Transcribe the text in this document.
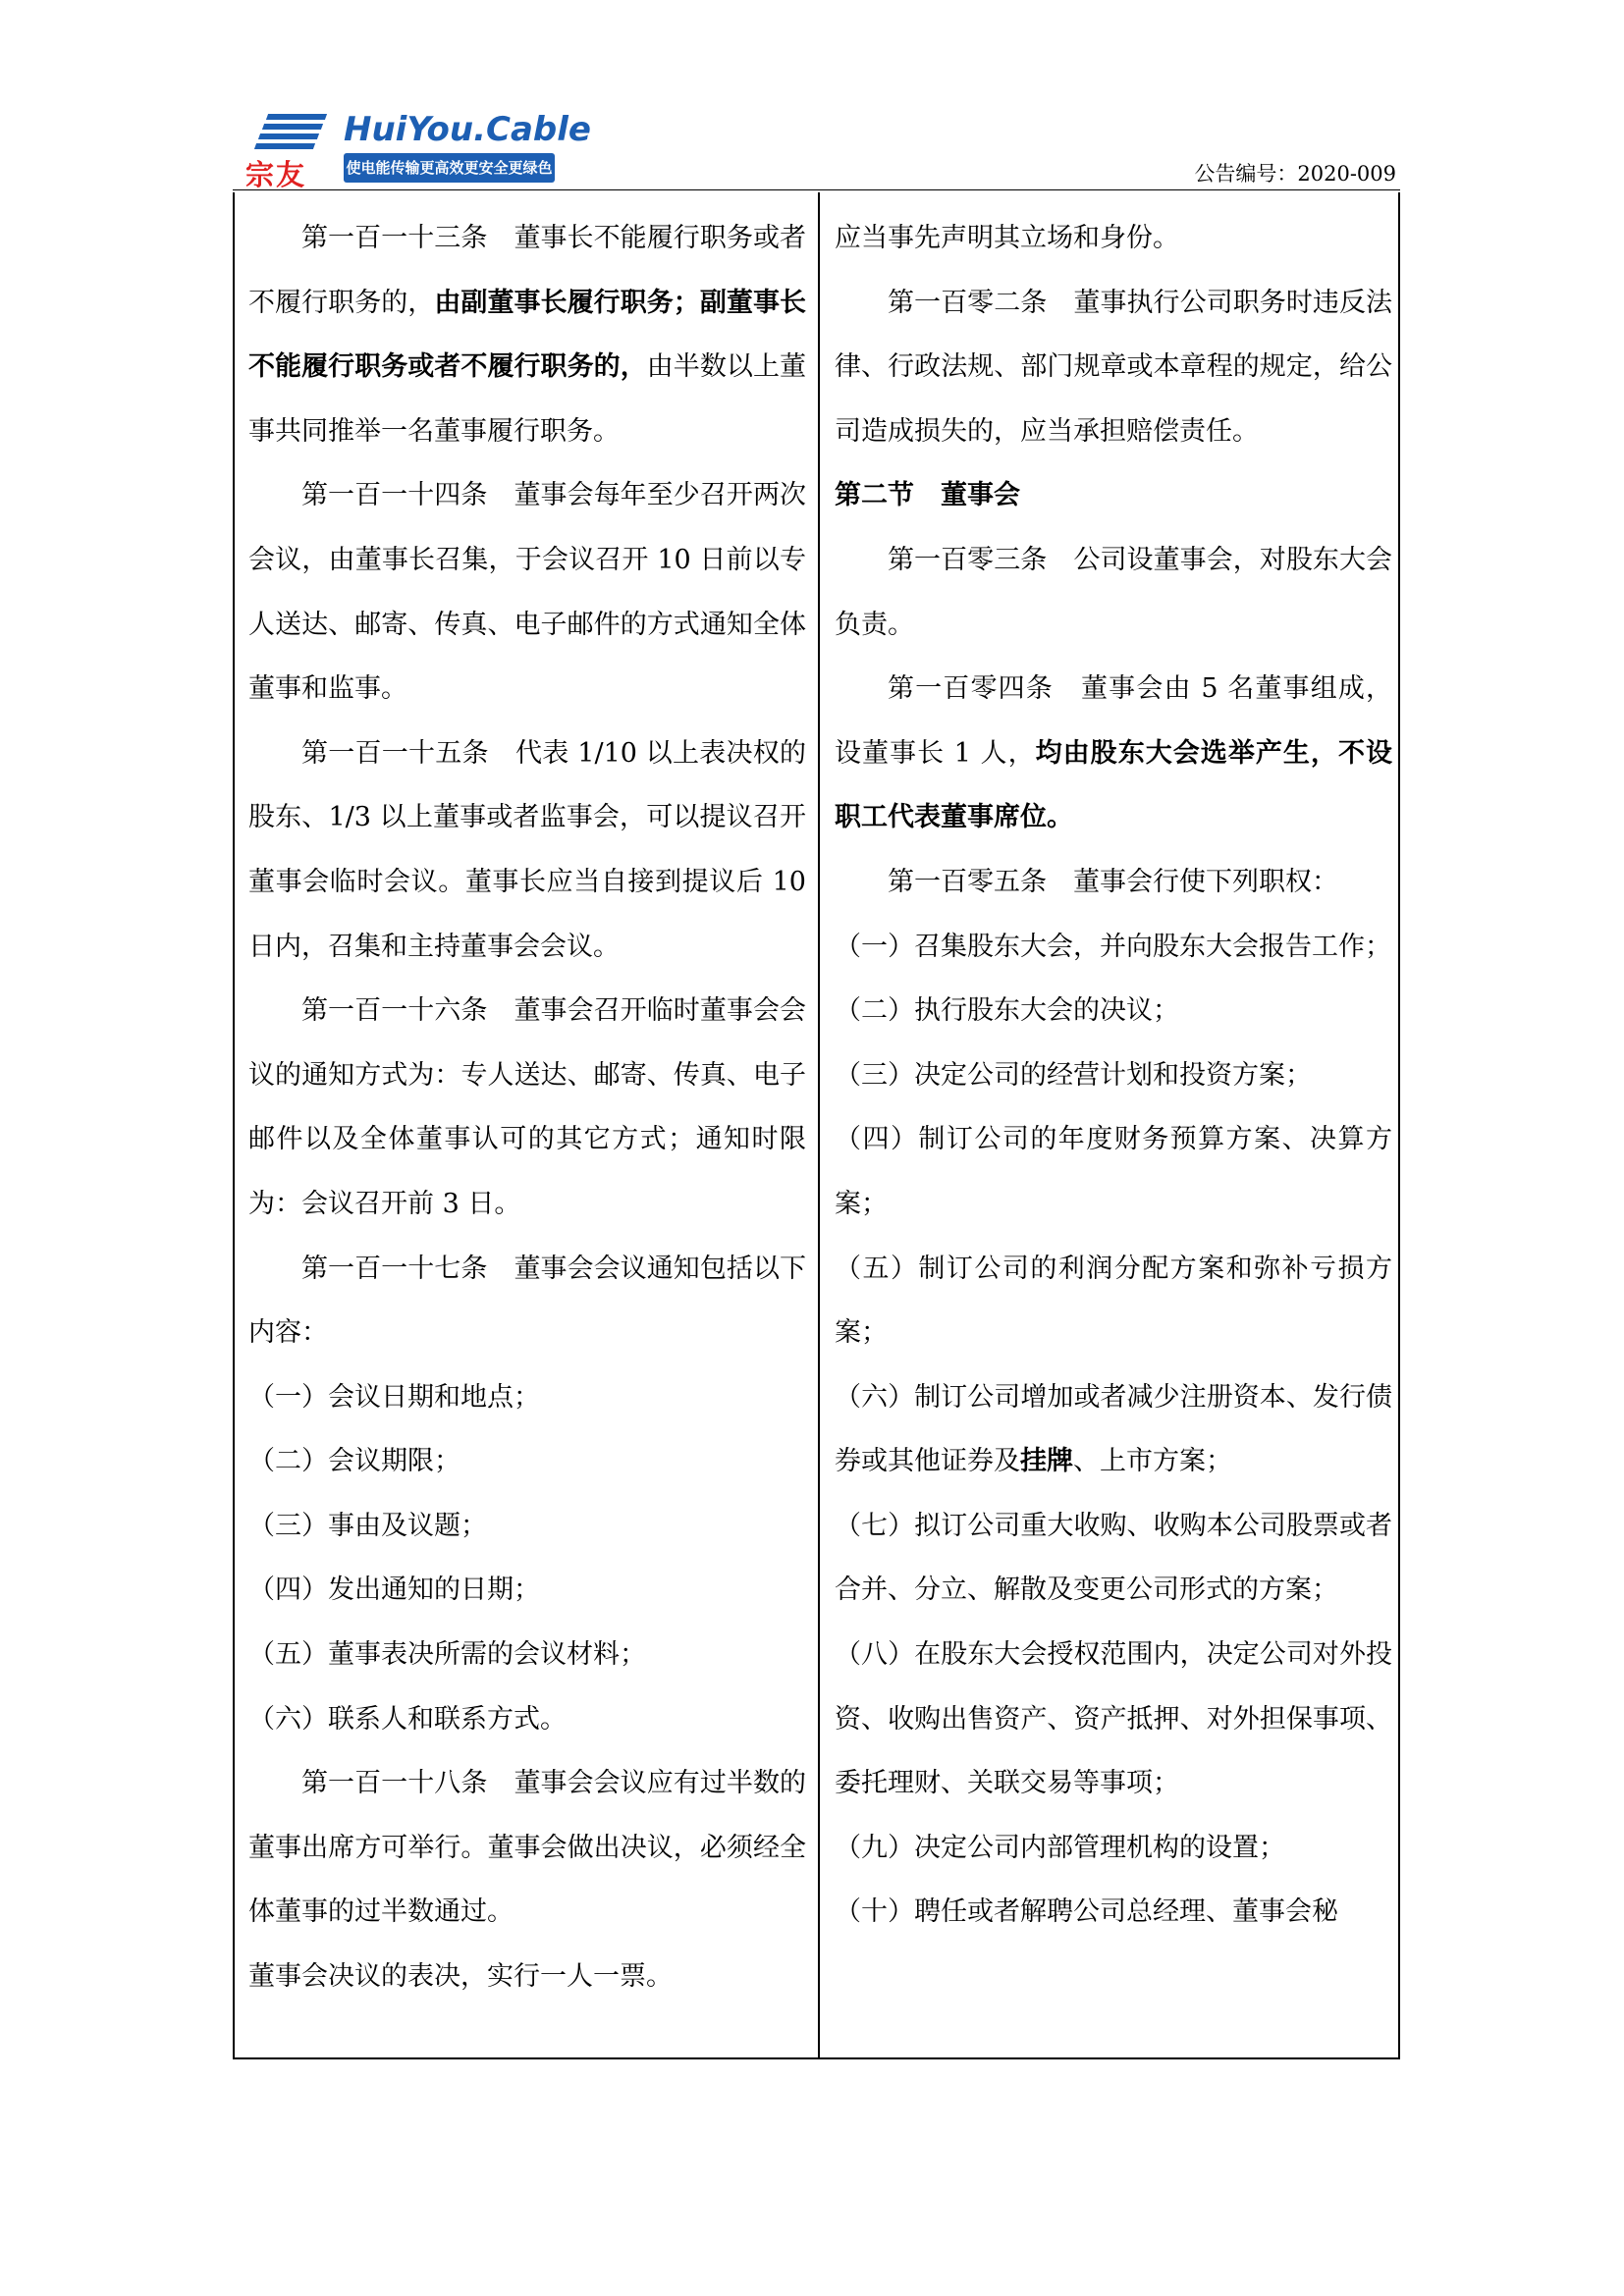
宗友
HuiYou.Cable
使电能传输更高效更安全更绿色	公告编号：2020-009

第一百一十三条　董事长不能履行职务或者不履行职务的，由副董事长履行职务；副董事长不能履行职务或者不履行职务的，由半数以上董事共同推举一名董事履行职务。

第一百一十四条　董事会每年至少召开两次会议，由董事长召集，于会议召开 10 日前以专人送达、邮寄、传真、电子邮件的方式通知全体董事和监事。

第一百一十五条　代表 1/10 以上表决权的股东、1/3 以上董事或者监事会，可以提议召开董事会临时会议。董事长应当自接到提议后 10 日内，召集和主持董事会会议。

第一百一十六条　董事会召开临时董事会会议的通知方式为：专人送达、邮寄、传真、电子邮件以及全体董事认可的其它方式；通知时限为：会议召开前 3 日。

第一百一十七条　董事会会议通知包括以下内容：

（一）会议日期和地点；

（二）会议期限；

（三）事由及议题；

（四）发出通知的日期；

（五）董事表决所需的会议材料；

（六）联系人和联系方式。

第一百一十八条　董事会会议应有过半数的董事出席方可举行。董事会做出决议，必须经全体董事的过半数通过。

董事会决议的表决，实行一人一票。

应当事先声明其立场和身份。

第一百零二条　董事执行公司职务时违反法律、行政法规、部门规章或本章程的规定，给公司造成损失的，应当承担赔偿责任。

第二节　董事会

第一百零三条　公司设董事会，对股东大会负责。

第一百零四条　董事会由 5 名董事组成，设董事长 1 人，均由股东大会选举产生，不设职工代表董事席位。

第一百零五条　董事会行使下列职权：

（一）召集股东大会，并向股东大会报告工作；

（二）执行股东大会的决议；

（三）决定公司的经营计划和投资方案；

（四）制订公司的年度财务预算方案、决算方案；

（五）制订公司的利润分配方案和弥补亏损方案；

（六）制订公司增加或者减少注册资本、发行债券或其他证券及挂牌、上市方案；

（七）拟订公司重大收购、收购本公司股票或者合并、分立、解散及变更公司形式的方案；

（八）在股东大会授权范围内，决定公司对外投资、收购出售资产、资产抵押、对外担保事项、委托理财、关联交易等事项；

（九）决定公司内部管理机构的设置；

（十）聘任或者解聘公司总经理、董事会秘
